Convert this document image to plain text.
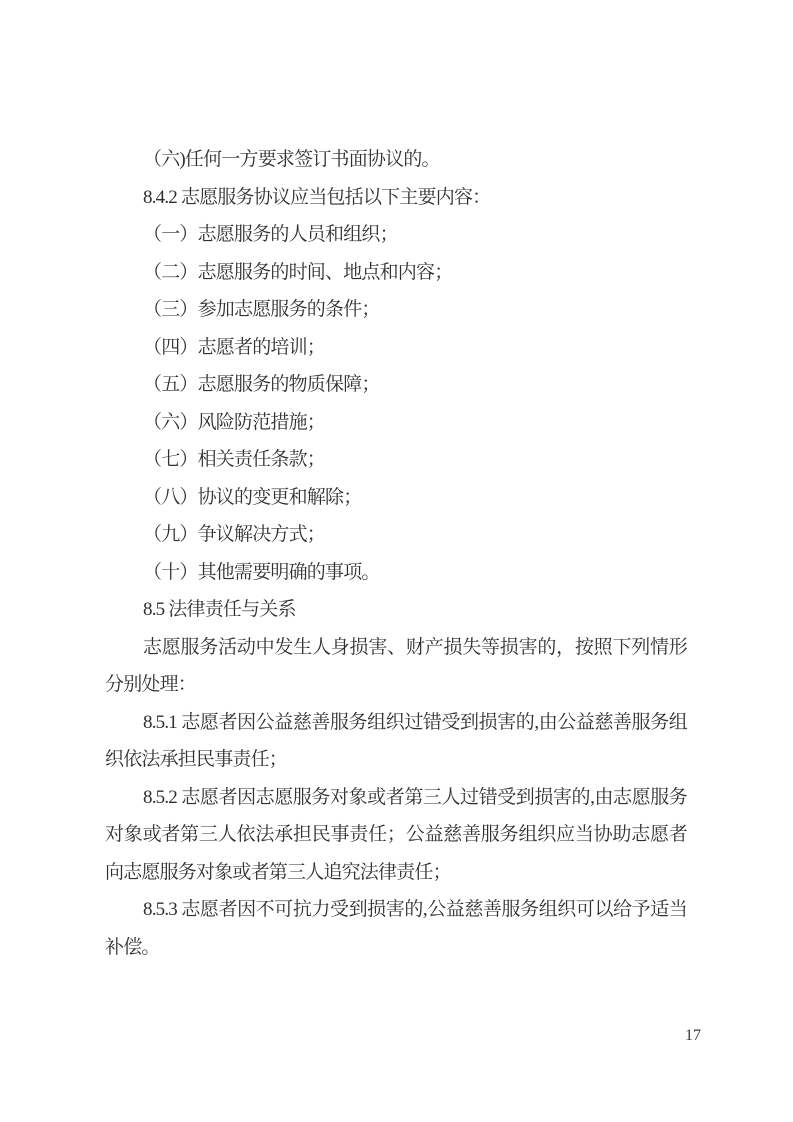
（六)任何一方要求签订书面协议的。

8.4.2 志愿服务协议应当包括以下主要内容：

（一）志愿服务的人员和组织；

（二）志愿服务的时间、地点和内容；

（三）参加志愿服务的条件；

（四）志愿者的培训；

（五）志愿服务的物质保障；

（六）风险防范措施；

（七）相关责任条款；

（八）协议的变更和解除；

（九）争议解决方式；

（十）其他需要明确的事项。

8.5 法律责任与关系

志愿服务活动中发生人身损害、财产损失等损害的，按照下列情形分别处理：

8.5.1 志愿者因公益慈善服务组织过错受到损害的,由公益慈善服务组织依法承担民事责任；

8.5.2 志愿者因志愿服务对象或者第三人过错受到损害的,由志愿服务对象或者第三人依法承担民事责任；公益慈善服务组织应当协助志愿者向志愿服务对象或者第三人追究法律责任；

8.5.3 志愿者因不可抗力受到损害的,公益慈善服务组织可以给予适当补偿。

17
